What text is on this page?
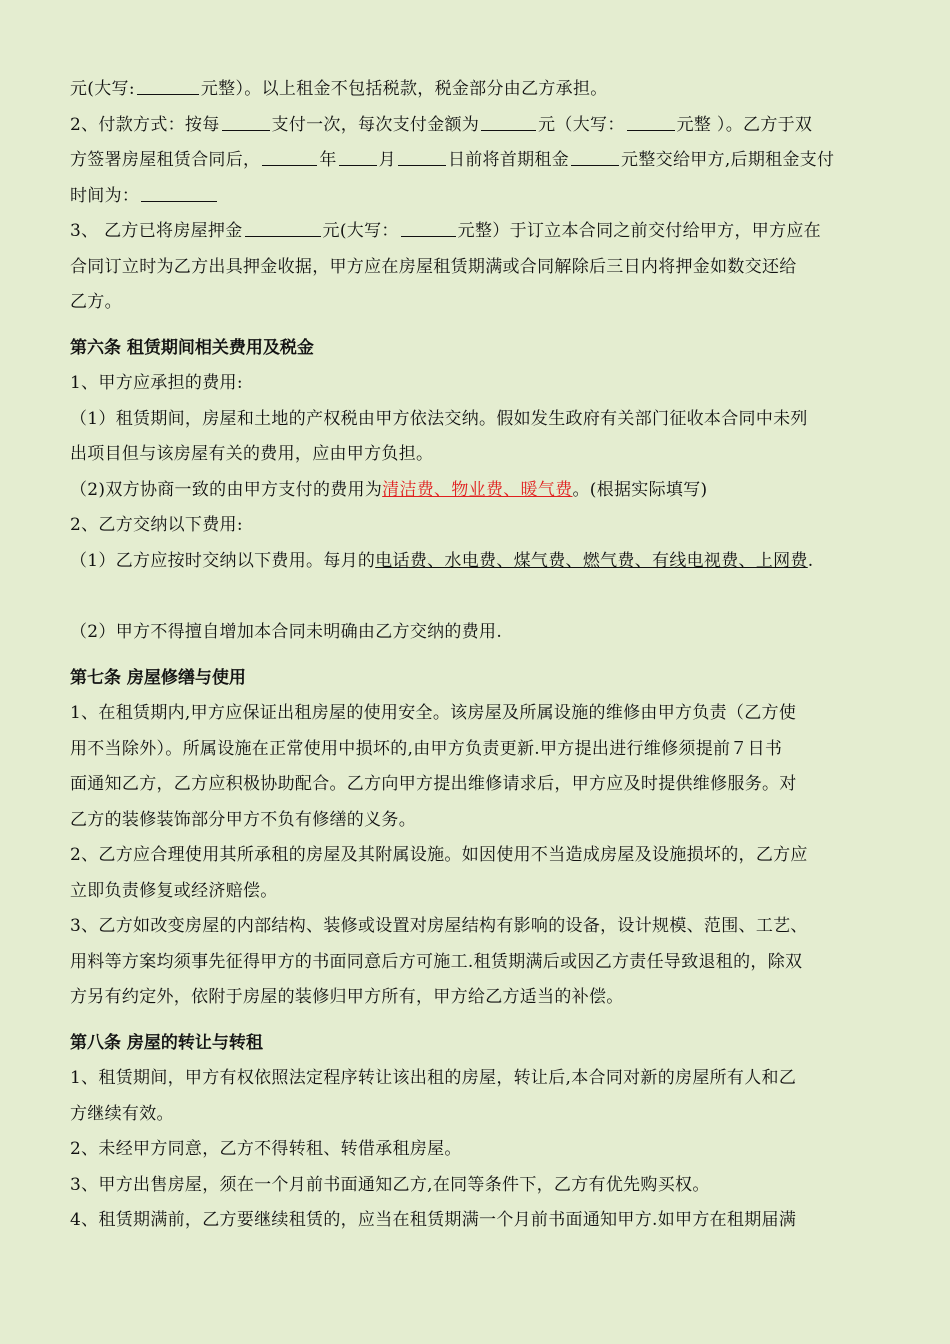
元(大写:	元整）。以上租金不包括税款，税金部分由乙方承担。
2、付款方式：按每	支付一次，每次支付金额为	元（大写：	元整 ）。乙方于双
方签署房屋租赁合同后，	年 月	日前将首期租金	元整交给甲方,后期租金支付
时间为：
3、 乙方已将房屋押金	元(大写：	元整）于订立本合同之前交付给甲方，甲方应在
合同订立时为乙方出具押金收据，甲方应在房屋租赁期满或合同解除后三日内将押金如数交还给
乙方。
第六条 租赁期间相关费用及税金
1、甲方应承担的费用:
（1）租赁期间，房屋和土地的产权税由甲方依法交纳。假如发生政府有关部门征收本合同中未列
出项目但与该房屋有关的费用，应由甲方负担。
（2)双方协商一致的由甲方支付的费用为清洁费、物业费、暖气费。(根据实际填写)
2、乙方交纳以下费用:
（1）乙方应按时交纳以下费用。每月的电话费、水电费、煤气费、燃气费、有线电视费、上网费.
（2）甲方不得擅自增加本合同未明确由乙方交纳的费用.
第七条 房屋修缮与使用
1、在租赁期内,甲方应保证出租房屋的使用安全。该房屋及所属设施的维修由甲方负责（乙方使
用不当除外）。所属设施在正常使用中损坏的,由甲方负责更新.甲方提出进行维修须提前７日书
面通知乙方，乙方应积极协助配合。乙方向甲方提出维修请求后，甲方应及时提供维修服务。对
乙方的装修装饰部分甲方不负有修缮的义务。
2、乙方应合理使用其所承租的房屋及其附属设施。如因使用不当造成房屋及设施损坏的，乙方应
立即负责修复或经济赔偿。
3、乙方如改变房屋的内部结构、装修或设置对房屋结构有影响的设备，设计规模、范围、工艺、
用料等方案均须事先征得甲方的书面同意后方可施工.租赁期满后或因乙方责任导致退租的，除双
方另有约定外，依附于房屋的装修归甲方所有，甲方给乙方适当的补偿。
第八条 房屋的转让与转租
1、租赁期间，甲方有权依照法定程序转让该出租的房屋，转让后,本合同对新的房屋所有人和乙
方继续有效。
2、未经甲方同意，乙方不得转租、转借承租房屋。
3、甲方出售房屋，须在一个月前书面通知乙方,在同等条件下，乙方有优先购买权。
4、租赁期满前，乙方要继续租赁的，应当在租赁期满一个月前书面通知甲方.如甲方在租期届满
